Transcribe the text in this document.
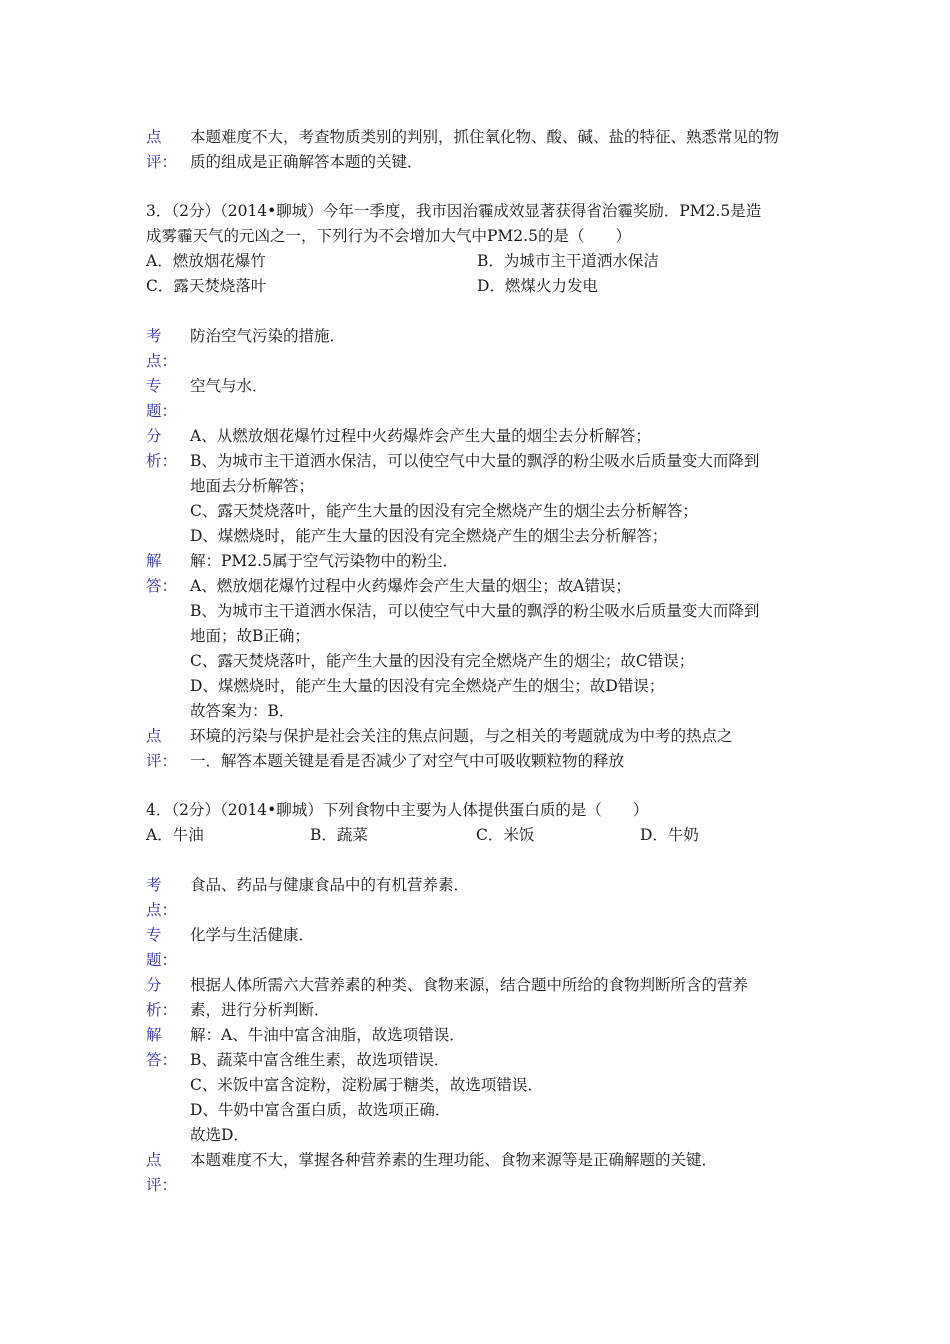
点
评：
本题难度不大，考查物质类别的判别，抓住氧化物、酸、碱、盐的特征、熟悉常见的物
质的组成是正确解答本题的关键．
3．（2分）（2014•聊城）今年一季度，我市因治霾成效显著获得省治霾奖励．PM2.5是造
成雾霾天气的元凶之一，下列行为不会增加大气中PM2.5的是（　　）
A．燃放烟花爆竹	B．为城市主干道洒水保洁
C．露天焚烧落叶	D．燃煤火力发电
考
点：
防治空气污染的措施．
专
题：
空气与水．
分
析：
A、从燃放烟花爆竹过程中火药爆炸会产生大量的烟尘去分析解答；
B、为城市主干道洒水保洁，可以使空气中大量的飘浮的粉尘吸水后质量变大而降到
地面去分析解答；
C、露天焚烧落叶，能产生大量的因没有完全燃烧产生的烟尘去分析解答；
D、煤燃烧时，能产生大量的因没有完全燃烧产生的烟尘去分析解答；
解
答：
解：PM2.5属于空气污染物中的粉尘．
A、燃放烟花爆竹过程中火药爆炸会产生大量的烟尘；故A错误；
B、为城市主干道洒水保洁，可以使空气中大量的飘浮的粉尘吸水后质量变大而降到
地面；故B正确；
C、露天焚烧落叶，能产生大量的因没有完全燃烧产生的烟尘；故C错误；
D、煤燃烧时，能产生大量的因没有完全燃烧产生的烟尘；故D错误；
故答案为：B．
点
评：
环境的污染与保护是社会关注的焦点问题，与之相关的考题就成为中考的热点之
一．解答本题关键是看是否减少了对空气中可吸收颗粒物的释放
4．（2分）（2014•聊城）下列食物中主要为人体提供蛋白质的是（　　）
A．牛油	B．蔬菜	C．米饭	D．牛奶
考
点：
食品、药品与健康食品中的有机营养素．
专
题：
化学与生活健康．
分
析：
根据人体所需六大营养素的种类、食物来源，结合题中所给的食物判断所含的营养
素，进行分析判断．
解
答：
解：A、牛油中富含油脂，故选项错误．
B、蔬菜中富含维生素，故选项错误．
C、米饭中富含淀粉，淀粉属于糖类，故选项错误．
D、牛奶中富含蛋白质，故选项正确．
故选D．
点
评：
本题难度不大，掌握各种营养素的生理功能、食物来源等是正确解题的关键．
